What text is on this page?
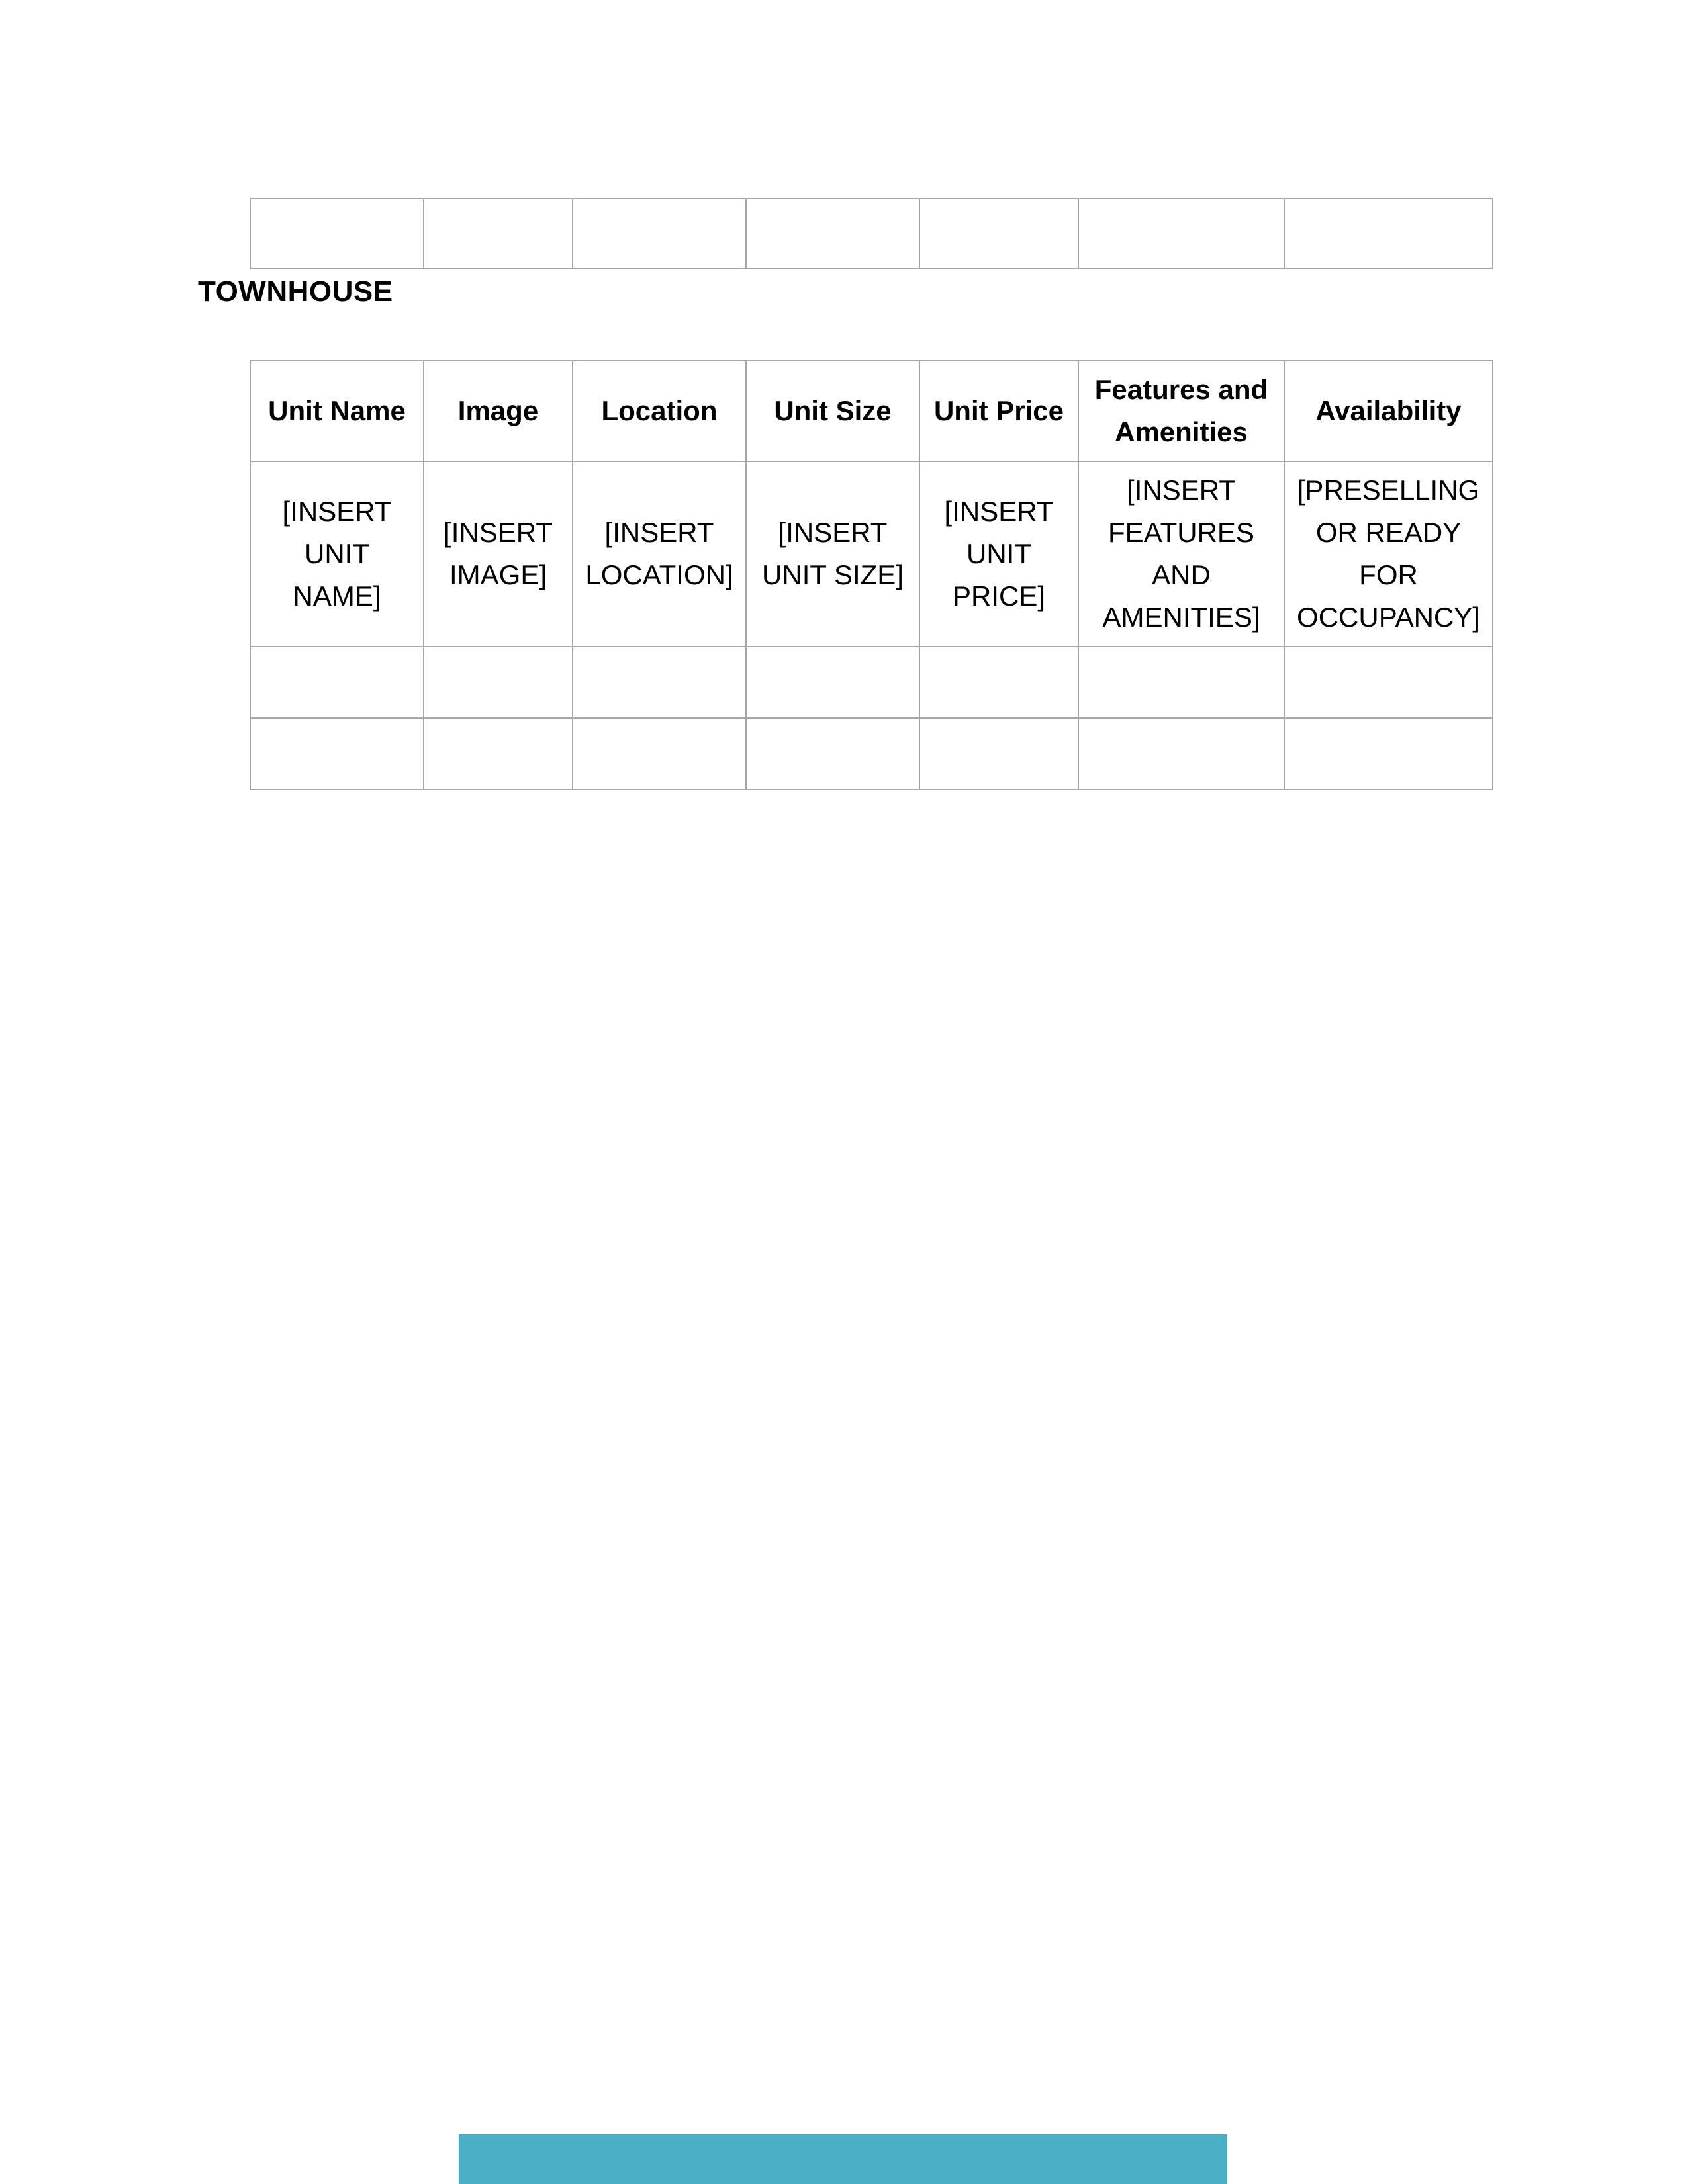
TOWNHOUSE
Unit Name	Image	Location	Unit Size	Unit Price	Features and Amenities	Availability
[INSERT UNIT NAME]	[INSERT IMAGE]	[INSERT LOCATION]	[INSERT UNIT SIZE]	[INSERT UNIT PRICE]	[INSERT FEATURES AND AMENITIES]	[PRESELLING OR READY FOR OCCUPANCY]
